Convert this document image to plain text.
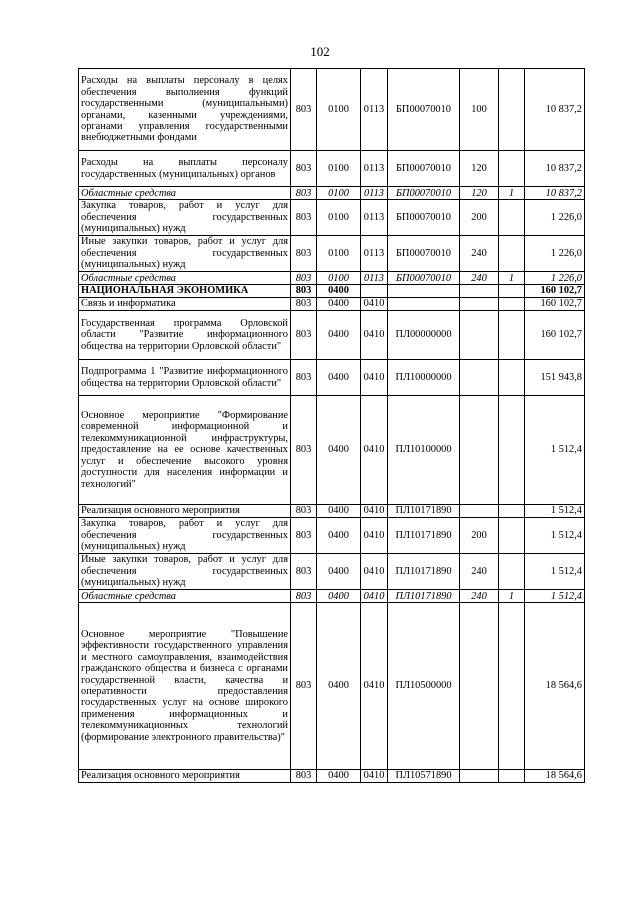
102
Расходы на выплаты персоналу в целях обеспечения выполнения функций государственными (муниципальными) органами, казенными учреждениями, органами управления государственными внебюджетными фондами	803	0100	0113	БП00070010	100		10 837,2
Расходы на выплаты персоналу государственных (муниципальных) органов	803	0100	0113	БП00070010	120		10 837,2
Областные средства	803	0100	0113	БП00070010	120	1	10 837,2
Закупка товаров, работ и услуг для обеспечения государственных (муниципальных) нужд	803	0100	0113	БП00070010	200		1 226,0
Иные закупки товаров, работ и услуг для обеспечения государственных (муниципальных) нужд	803	0100	0113	БП00070010	240		1 226,0
Областные средства	803	0100	0113	БП00070010	240	1	1 226,0
НАЦИОНАЛЬНАЯ ЭКОНОМИКА	803	0400					160 102,7
Связь и информатика	803	0400	0410				160 102,7
Государственная программа Орловской области "Развитие информационного общества на территории Орловской области"	803	0400	0410	ПЛ00000000			160 102,7
Подпрограмма 1 "Развитие информационного общества на территории Орловской области"	803	0400	0410	ПЛ10000000			151 943,8
Основное мероприятие "Формирование современной информационной и телекоммуникационной инфраструктуры, предоставление на ее основе качественных услуг и обеспечение высокого уровня доступности для населения информации и технологий"	803	0400	0410	ПЛ10100000			1 512,4
Реализация основного мероприятия	803	0400	0410	ПЛ10171890			1 512,4
Закупка товаров, работ и услуг для обеспечения государственных (муниципальных) нужд	803	0400	0410	ПЛ10171890	200		1 512,4
Иные закупки товаров, работ и услуг для обеспечения государственных (муниципальных) нужд	803	0400	0410	ПЛ10171890	240		1 512,4
Областные средства	803	0400	0410	ПЛ10171890	240	1	1 512,4
Основное мероприятие "Повышение эффективности государственного управления и местного самоуправления, взаимодействия гражданского общества и бизнеса с органами государственной власти, качества и оперативности предоставления государственных услуг на основе широкого применения информационных и телекоммуникационных технологий (формирование электронного правительства)"	803	0400	0410	ПЛ10500000			18 564,6
Реализация основного мероприятия	803	0400	0410	ПЛ10571890			18 564,6
